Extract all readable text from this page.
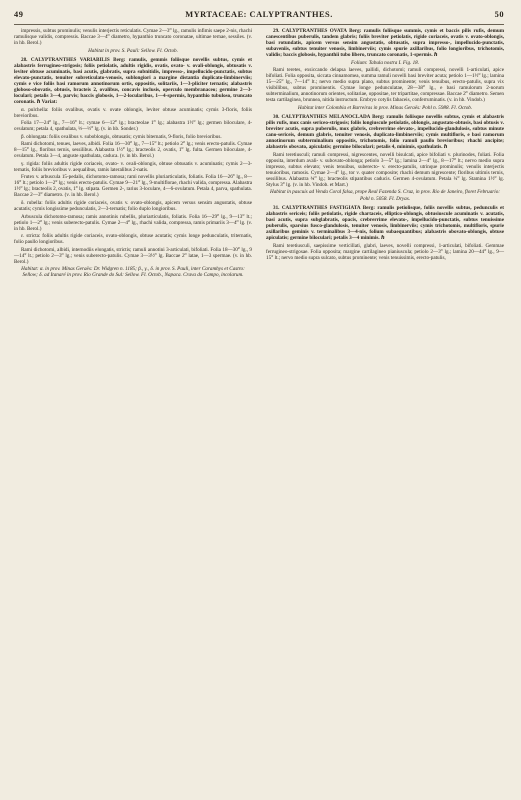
49	MYRTACEAE: CALYPTRANTHES.	50

impressis, subtus prominulis; venulis interjectis reticulatis. Cymae 2—3‴ lg., ramulis infimis saepe 2-nis, rhachi ramulisque validis, compressis. Baccae 3—4‴ diametro, hypanthio truncato coronatae, ultimae ternae, sessiles. (v. in hb. Berol.)

Habitat in prov. S. Pauli: Sellow. Fl. Octob.

28. CALYPTRANTHES VARIABILIS Berg: ramulis, gemmis foliisque novellis subtus, cymis et alabastris ferrugineo-strigosis; foliis petiolatis, adultis rigidis, ovatis, ovato- v. ovali-oblongis, obtusatis v. leviter obtuse acuminatis, basi acutis, glabratis, supra subnitidis, impresso-, impellucido-punctatis, subtus elevato-punctatis, tenuiter subreticulato-venosis, sublongiori a margine distantia duplicato-limbinerviis; cymis e vice foliis basi ramorum annotinorum ortis, oppositis, solitariis, 1—3-pliciter ternatis; alabastris globoso-obovatis, obtusis, bracteis 2, ovalibus, concavis inclusis, operculo membranaceo; germine 2—3-loculari; petalis 3—4, parvis; baccis globosis, 1—2-locularibus, 1—4-spermis, hypanthio tubuloso, truncato coronatis. ℏ Variat:

α. pulchella: foliis ovalibus, ovatis v. ovate oblongis, leviter obtuse acuminatis; cymis 3-floris, foliis brevioribus.

Folia 17—24‴ lg., 7—16‴ lt.; cymae 6—12‴ lg.; bracteolae 1‴ lg.; alabastra 1½‴ lg.; germen biloculare, 4-ovulatum; petala 4, spathulata, ⅓—½‴ lg. (v. in hb. Sonder.)

β. oblongata: foliis ovalibus v. suboblongis, obtusatis; cymis biternatis, 9-floris, folio brevioribus.

Rami dichotomi, tenues, laeves, albidi. Folia 16—30‴ lg., 7—15‴ lt.; petiolo 2‴ lg.; venis erecto-patulis. Cymae 8—15‴ lg., floribus ternis, sessilibus. Alabastra 1½‴ lg.; bracteolis 2, ovatis, 1‴ lg. fulta. Germen biloculare, 4-ovulatum. Petala 3—4, angustе spathulata, caduca. (v. in hb. Berol.)

γ. rigida: foliis adultis rigide coriaceis, ovato- v. ovali-oblongis, obtuse obtusatis v. acuminatis; cymis 2—3-ternatis, foliis brevioribus v. aequalibus, ramis lateralibus 2-natis.

Frutex v. arbuscula 15-pedalis, dichotomo-ramosa; rami novellis pluriarticulatis, foliatis. Folia 16—26‴ lg., 8—16‴ lt.; petiolo 1—2‴ lg.; venis erecto-patulis. Cymae 9—21‴ lg., 9-multiflorae, rhachi valida, compressa. Alabastra 1½‴ lg.; bracteolis 2, ovatis, 1‴ lg. stipata. Germen 2-, rarius 3-loculare, 4—6-ovulatum. Petala 4, parva, spathulata. Baccae 2—3‴ diametro. (v. in hb. Berol.)

δ. rubella: foliis adultis rigide coriaceis, ovatis v. ovato-oblongis, apicem versus sensim angustatis, obtuse acutatis; cymis longissime pedunculatis, 2—3-ternatis; folio duplo longioribus.

Arbuscula dichotomo-ramosa; ramis annotinis rubellis, pluriarticulatis, foliatis. Folia 16—29‴ lg., 9—13‴ lt.; petiolo 1—2‴ lg.; venis suberecto-patulis. Cymae 2—4‴ lg., rhachi valida, compressa, ramis primariis 3—4‴ lg. (v. in hb. Berol.)

ε. stricta: foliis adultis rigide coriaceis, ovato-oblongis, obtuse acutatis; cymis longe pedunculatis, triternatis, folio paullo longioribus.

Rami dichotomi, albidi, internodiis elongatis, strictis; ramuli annotini 3-articulati, bifoliati. Folia 18—30‴ lg., 9—14‴ lt.; petiolo 2—3‴ lg.; venis suberecto-patulis. Cymae 3—3½‴ lg. Baccae 2‴ latae, 1—3 spermae. (v. in hb. Berol.)

Habitat: α. in prov. Minas Geraës: Dr. Widgren n. 1185; β., γ., δ. in prov. S. Pauli, inter Caramhys et Castro: Sellow; δ. ad Itanaré in prov. Rio Grande do Sul: Sellow. Fl. Octob., Napaca. Crava do Campo, incolarum.

29. CALYPTRANTHES OVATA Berg: ramulis foliisque summis, cymis et baccis pilis rufis, demum canescentibus puberulis, tandem glabris; foliis breviter petiolatis, rigide coriaceis, ovatis v. ovato-oblongis, basi rotundatis, apicem versus sensim angustatis, obtusatis, supra impresso-, impellucido-punctatis, subaveniis, subtus tenuiter venosis, limbinerviis; cymis spurie axillaribus, folio longioribus, trichotomis, validis; baccis globosis, hypanthii tubo libero, truncato coronatis, 1-spermis. ℏ

Folium: Tabula nostra I. Fig. 18.

Rami teretes, exsiccando delapsa laeves, pallidi, dichotomi; ramuli compressi, novelli 1-articulati, apice bifoliati. Folia opposita, siccata cinnamomea, summa ramuli novelli basi breviter acuta; petiolo 1—1½‴ lg.; lamina 15—25‴ lg., 7—14‴ lt.; nervo medio supra plano, subtus prominente; venis tenuibus, erecto-patulis, supra vix visibilibus, subtus prominentis. Cymae longe pedunculatae, 28—38‴ lg., e basi ramulorum 2-norum subterminalium, annotinorum orientes, solitariae, oppositae, ter tripartitae, compressae. Baccae 2‴ diametro. Semen testa cartilaginea, brunnea, nitida instructum. Embryo cotylis fabaceis, conferruminatis. (v. in hb. Vindob.)

Habitat inter Colombia et Barreiras in prov. Minas Geraës: Pohl n. 5988. Fl. Octob.

30. CALYPTRANTHES MELANOCLADA Berg: ramulis foliisque novellis subtus, cymis et alabastris pilis rufis, mox canis sericeo-strigosis; foliis longiuscule petiolatis, oblongis, angustato-obtusis, basi obtusis v. breviter acutis, supra puberulis, mox glabris, crebrerrime elevato-, impellucido-glandulosis, subtus minute cano-sericeis, demum glabris, tenuiter venosis, duplicato-limbinerviis; cymis multifloris, e basi ramorum annotinorum subterminalium oppositis, trichotomis, folio ramuli paullo brevioribus; rhachi ancipite; alabastris obovato, apiculatis; germine biloculari; petalis 4, minimis, spathulatis. ℏ

Rami teretiusculi; ramuli compressi, nigrescentes, novelli bisulcati, apice bifoliati v. plurinodes, foliati. Folia opposita, interdum avali- v. subovato-oblonga; petiolo 3—5‴ lg.; lamina 2—4″ lg., 8—17‴ lt.; nervo medio supra impresso, subtus elevato; venis tenuibus, suberecto- v. erecto-patulis, utrinque prominulis; venulis interjectis tenuioribus, ramosis. Cymae 2—4″ lg., tor v. quater composite; rhachi demum nigrescente; floribus ultimis ternis, sessilibus. Alabastra ¾‴ lg.; bracteolis stipantibus caducis. Germen 4-ovulatum. Petala ¼‴ lg. Stamina 1½‴ lg. Stylus 3‴ lg. (v. in hb. Vindob. et Mart.)

Habitat in pascuis ad Venda Coral falsa, prope Real Fazenda S. Cruz, in prov. Rio de Janeiro, floret Februario: Pohl n. 5058. Fl. Dryas.

31. CALYPTRANTHES FASTIGIATA Berg: ramulis petiolisque, foliis novellis subtus, pedunculis et alabastris sericeis; foliis petiolatis, rigide chartaceis, elliptico-oblongis, obtusiuscule acuminatis v. acutatis, basi acutis, supra subglabratis, opacis, crebrerrime elevato-, impellucido-punctatis, subtus tenuissime puberulis, sparsius fusco-glandulosis, tenuiter venosis, limbinerviis; cymis trichotomis, multifloris, spurie axillaribus geminis v. terminalibus 3—4-nis, folium subaequantibus; alabastris obovato-oblongis, obtuse apiculatis; germine biloculari; petalis 3—4 minimis. ℏ

Rami teretiusculi, saepissime verticillati, glabri, laeves, novelli compressi, 1-articulati, bifoliati. Gemmae ferrugineo-strigosae. Folia opposita; margine cartilagineo pianiusculа; petiolo 2—3‴ lg.; lamina 20—44‴ lg., 9—15‴ lt.; nervo medio supra sulcato, subtus prominente; venis tenuissimis, erecto-patulis,
